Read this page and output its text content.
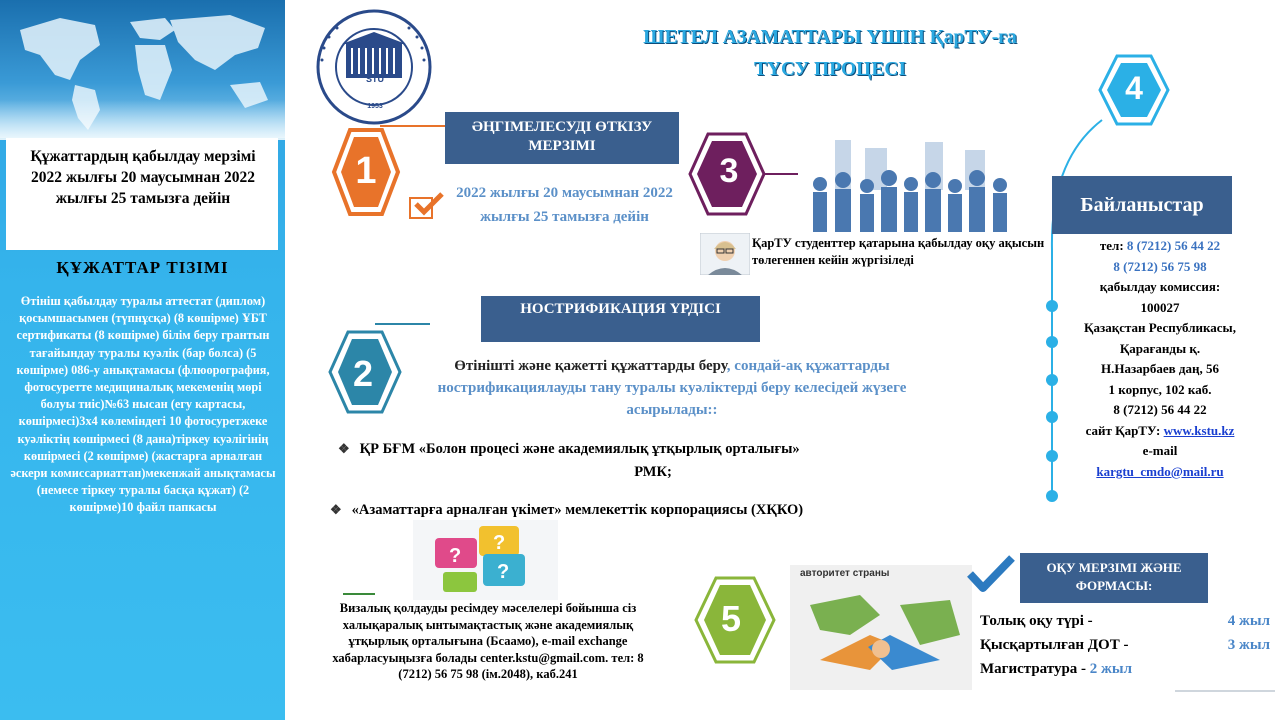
Құжаттардың қабылдау мерзімі 2022 жылғы 20 маусымнан 2022 жылғы 25 тамызға дейін
ҚҰЖАТТАР ТІЗІМІ
Өтініш қабылдау туралы аттестат (диплом) қосымшасымен (түпнұсқа) (8 көшірме) ҰБТ сертификаты (8 көшірме) білім беру грантын тағайындау туралы куәлік (бар болса) (5 көшірме) 086-у анықтамасы (флюорография, фотосуретте медициналық мекеменің мөрі болуы тиіс)№63 нысан (егу картасы, көшірмесі)3х4 көлеміндегі 10 фотосуретжеке куәліктің көшірмесі (8 дана)тіркеу куәлігінің көшірмесі (2 көшірме) (жастарға арналған әскери комиссариаттан)мекенжай анықтамасы (немесе тіркеу туралы басқа құжат) (2 көшірме)10 файл папкасы
STU
1953
ШЕТЕЛ АЗАМАТТАРЫ ҮШІН ҚарТУ-ға
ТҮСУ ПРОЦЕСІ
1
ӘҢГІМЕЛЕСУДІ ӨТКІЗУ МЕРЗІМІ
2022 жылғы 20 маусымнан 2022 жылғы 25 тамызға дейін
3
ҚарТУ студенттер қатарына қабылдау оқу ақысын төлегеннен кейін жүргізіледі
НОСТРИФИКАЦИЯ ҮРДІСІ
2	Өтінішті және қажетті құжаттарды беру, сондай-ақ құжаттарды нострификациялауды тану туралы куәліктерді беру келесідей жүзеге асырылады::
❖ ҚР БҒМ «Болон процесі және академиялық ұтқырлық орталығы»
РМК;
❖ «Азаматтарға арналған үкімет» мемлекеттік корпорациясы (ХҚКО)
?
?
?
Визалық қолдауды ресімдеу мәселелері бойынша сіз халықаралық ынтымақтастық және академиялық ұтқырлық орталығына (Бсаамо), e-mail exchange хабарласуыңызға болады center.kstu@gmail.com. тел: 8 (7212) 56 75 98 (ім.2048), каб.241
5
авторитет страны	ОҚУ МЕРЗІМІ ЖӘНЕ ФОРМАСЫ:
Толық оқу түрі -	4 жыл
Қысқартылған ДОТ -	3 жыл
Магистратура - 2 жыл
4
Байланыстар
тел: 8 (7212) 56 44 22
8 (7212) 56 75 98
қабылдау комиссия:
100027
Қазақстан Республикасы,
Қарағанды қ.
Н.Назарбаев даң, 56
1 корпус, 102 каб.
8 (7212) 56 44 22
сайт ҚарТУ: www.kstu.kz
e-mail
kargtu_cmdo@mail.ru
